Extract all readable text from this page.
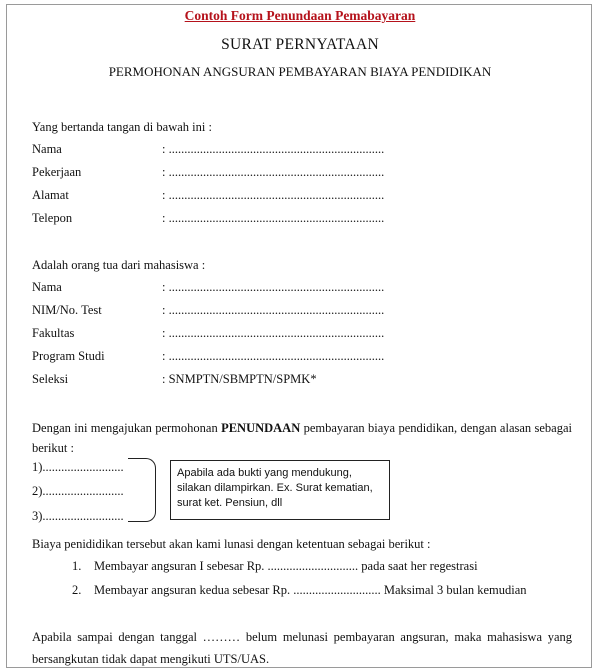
Contoh Form Penundaan Pemabayaran
SURAT PERNYATAAN
PERMOHONAN ANGSURAN PEMBAYARAN BIAYA PENDIDIKAN
Yang bertanda tangan di bawah ini :
Nama	: .....................................................................
Pekerjaan	: .....................................................................
Alamat	: .....................................................................
Telepon	: .....................................................................
Adalah orang tua dari mahasiswa :
Nama	: .....................................................................
NIM/No. Test	: .....................................................................
Fakultas	: .....................................................................
Program Studi	: .....................................................................
Seleksi	: SNMPTN/SBMPTN/SPMK*
Dengan ini mengajukan permohonan PENUNDAAN pembayaran biaya pendidikan, dengan alasan sebagai berikut :
1)..........................
2)..........................
3)..........................
Apabila ada bukti yang mendukung, silakan dilampirkan. Ex. Surat kematian, surat ket. Pensiun, dll
Biaya penididikan tersebut akan kami lunasi dengan ketentuan sebagai berikut :
1. Membayar angsuran I sebesar Rp. ............................. pada saat her regestrasi
2. Membayar angsuran kedua sebesar Rp. ............................ Maksimal 3 bulan kemudian
Apabila sampai dengan tanggal ……… belum melunasi pembayaran angsuran, maka mahasiswa yang bersangkutan tidak dapat mengikuti UTS/UAS.
